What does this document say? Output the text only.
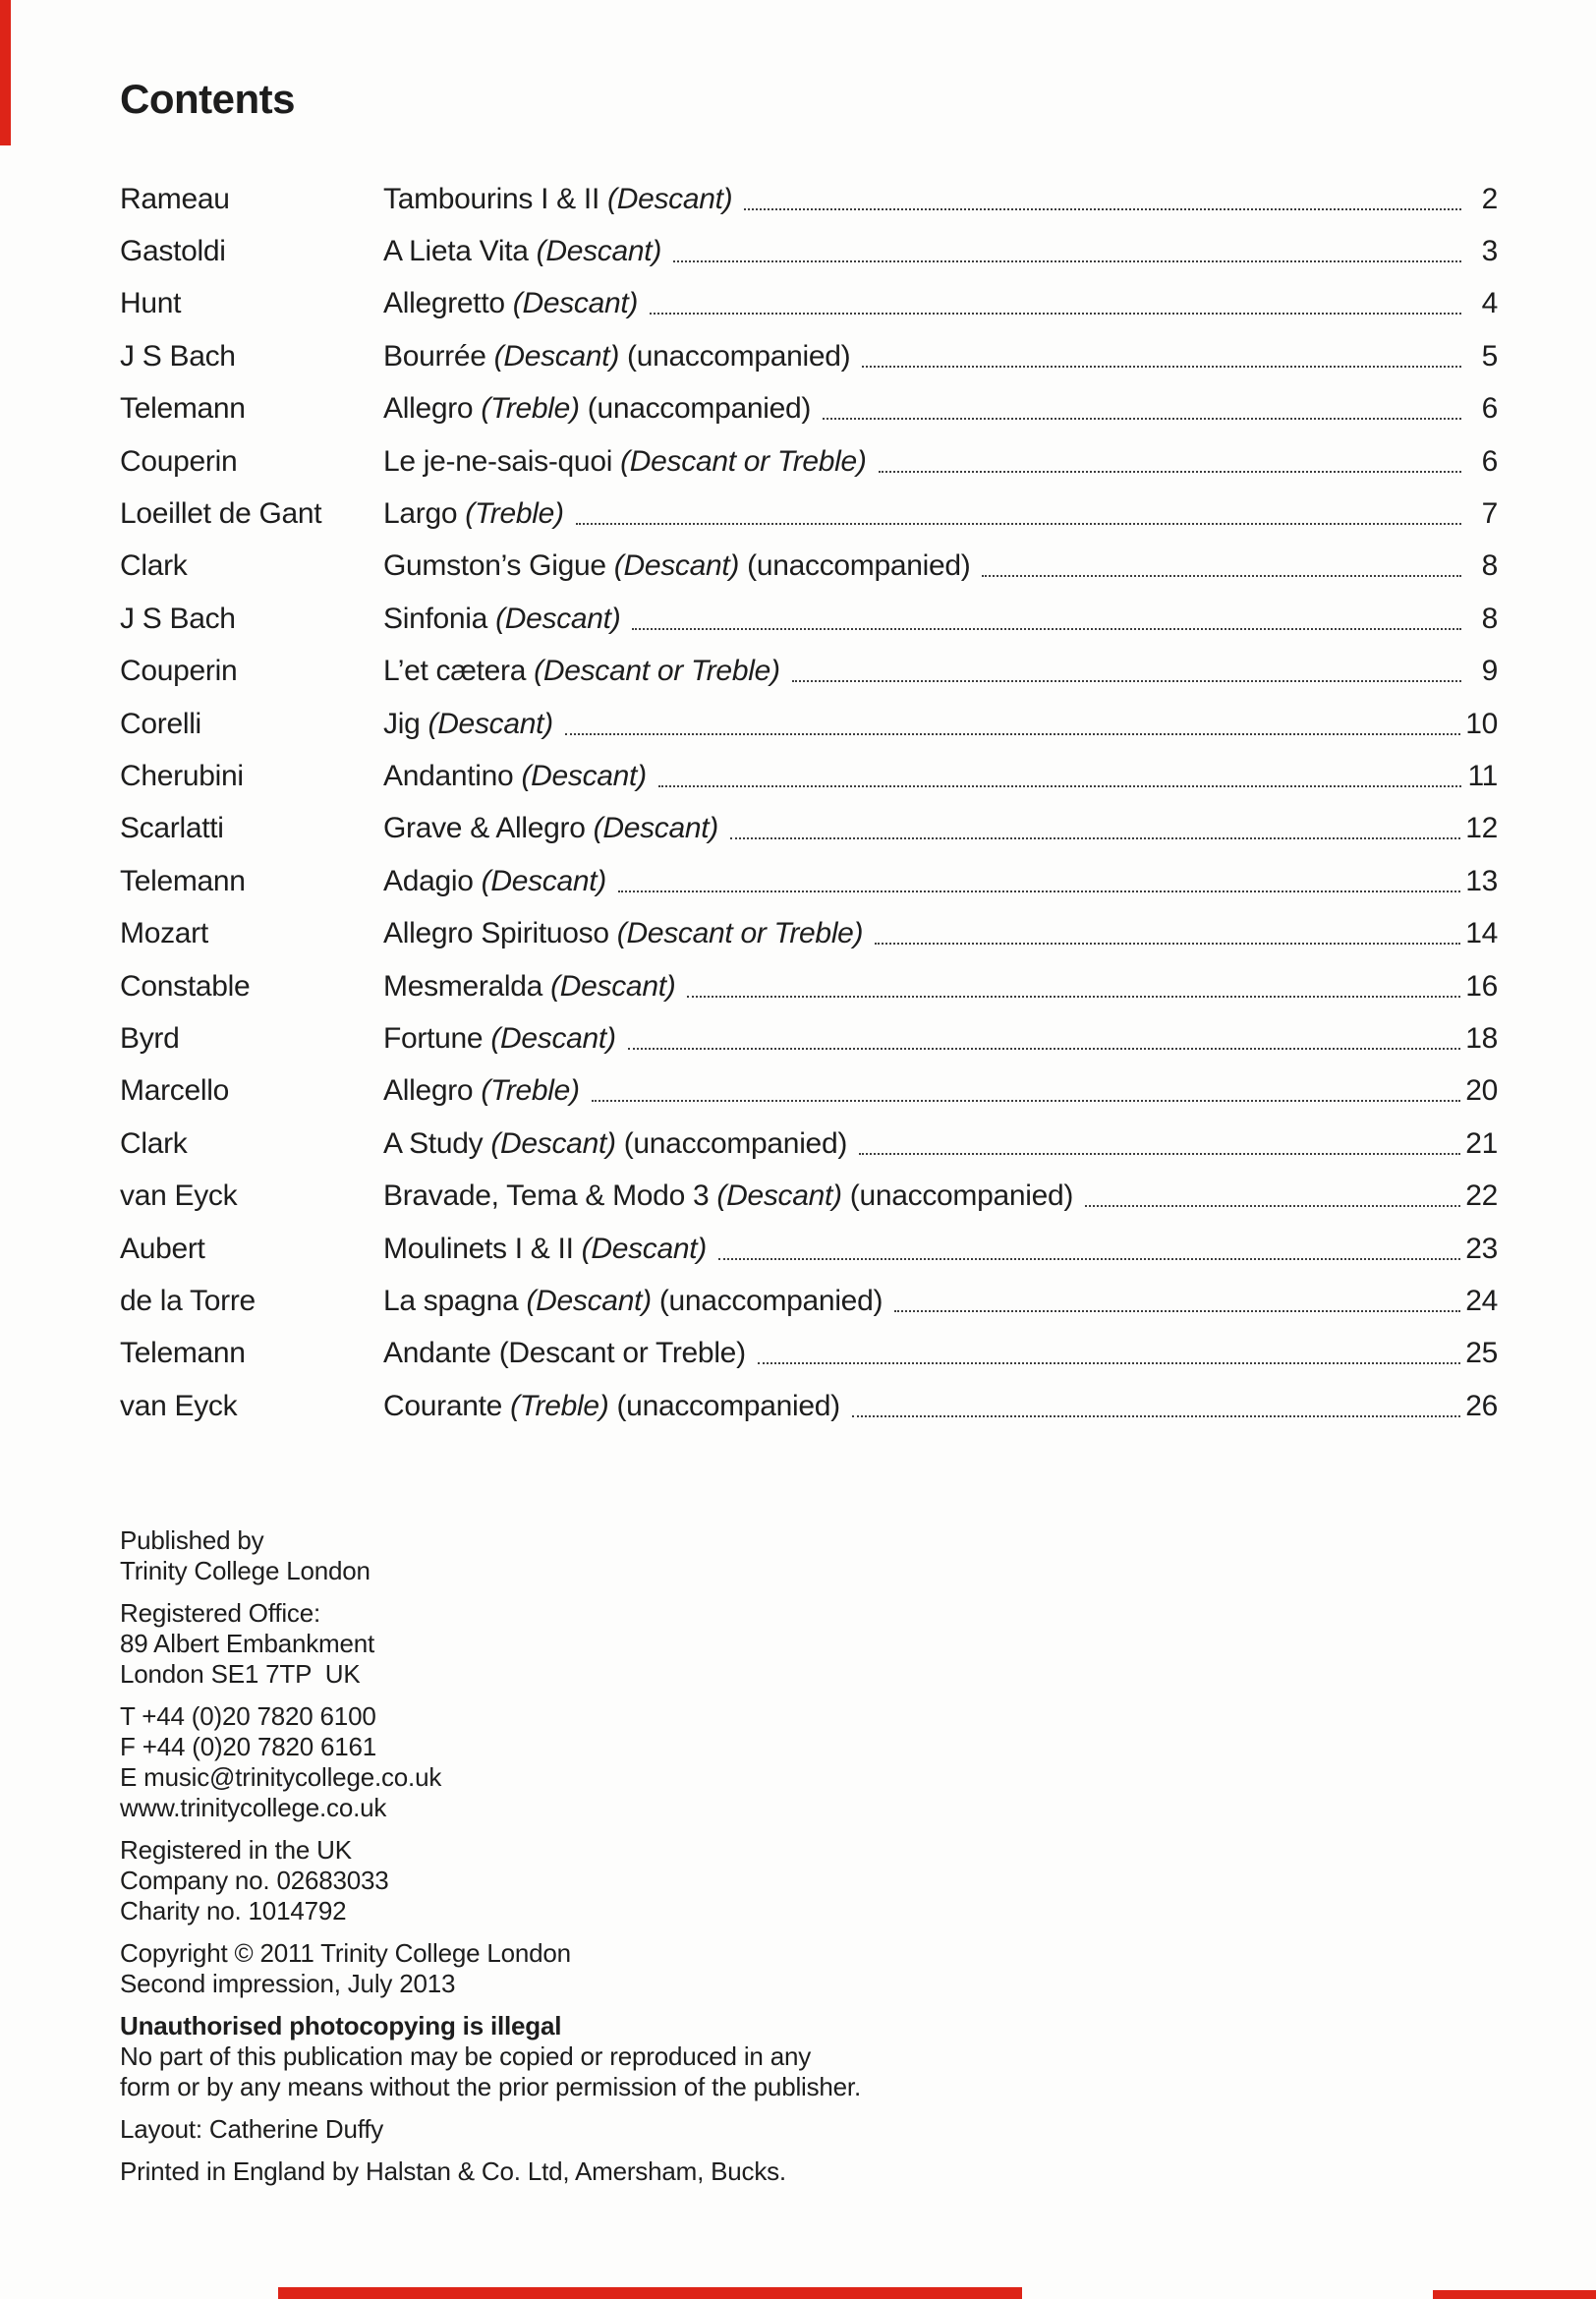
Contents
Rameau	Tambourins I & II (Descant)	2
Gastoldi	A Lieta Vita (Descant)	3
Hunt	Allegretto (Descant)	4
J S Bach	Bourrée (Descant) (unaccompanied)	5
Telemann	Allegro (Treble) (unaccompanied)	6
Couperin	Le je-ne-sais-quoi (Descant or Treble)	6
Loeillet de Gant	Largo (Treble)	7
Clark	Gumston’s Gigue (Descant) (unaccompanied)	8
J S Bach	Sinfonia (Descant)	8
Couperin	L’et cætera (Descant or Treble)	9
Corelli	Jig (Descant)	10
Cherubini	Andantino (Descant)	11
Scarlatti	Grave & Allegro (Descant)	12
Telemann	Adagio (Descant)	13
Mozart	Allegro Spirituoso (Descant or Treble)	14
Constable	Mesmeralda (Descant)	16
Byrd	Fortune (Descant)	18
Marcello	Allegro (Treble)	20
Clark	A Study (Descant) (unaccompanied)	21
van Eyck	Bravade, Tema & Modo 3 (Descant) (unaccompanied)	22
Aubert	Moulinets I & II (Descant)	23
de la Torre	La spagna (Descant) (unaccompanied)	24
Telemann	Andante (Descant or Treble)	25
van Eyck	Courante (Treble) (unaccompanied)	26
Published by
Trinity College London
Registered Office:
89 Albert Embankment
London SE1 7TP  UK
T +44 (0)20 7820 6100
F +44 (0)20 7820 6161
E music@trinitycollege.co.uk
www.trinitycollege.co.uk
Registered in the UK
Company no. 02683033
Charity no. 1014792
Copyright © 2011 Trinity College London
Second impression, July 2013
Unauthorised photocopying is illegal
No part of this publication may be copied or reproduced in any
form or by any means without the prior permission of the publisher.
Layout: Catherine Duffy
Printed in England by Halstan & Co. Ltd, Amersham, Bucks.
